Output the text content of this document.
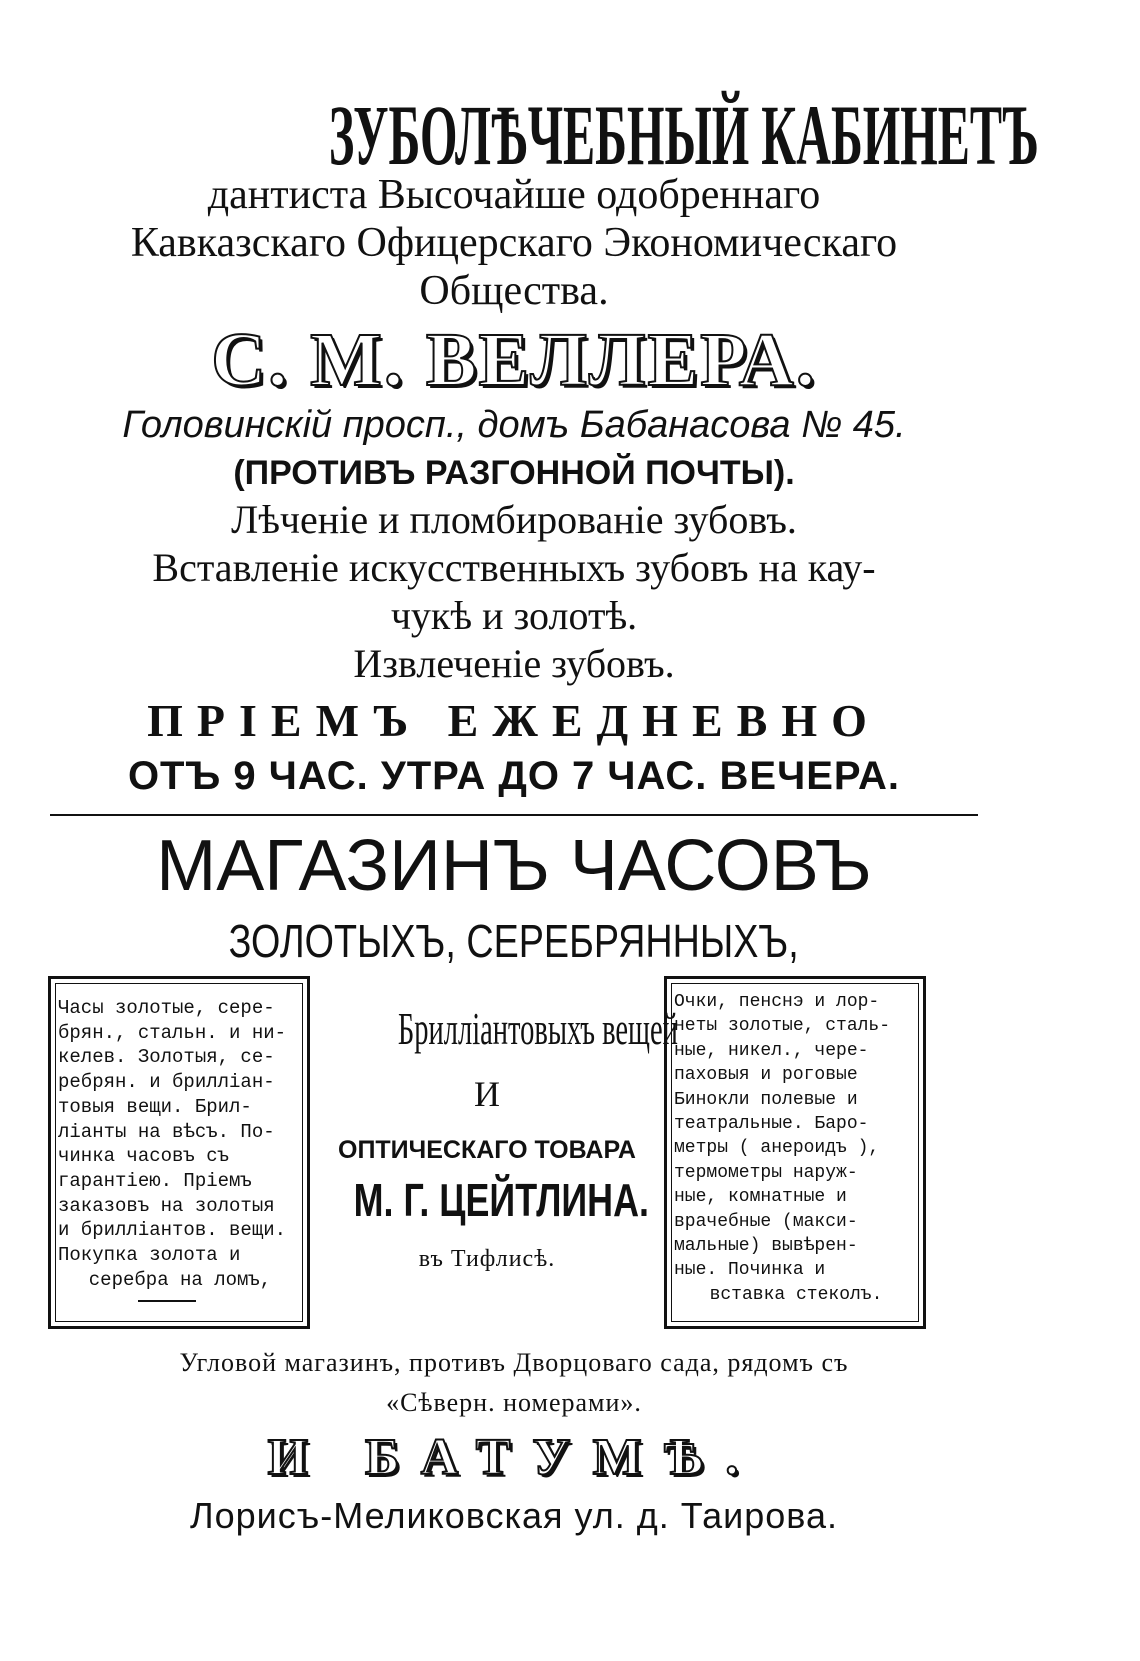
ЗУБОЛѢЧЕБНЫЙ КАБИНЕТЪ
дантиста Высочайше одобреннаго
Кавказскаго Офицерскаго Экономическаго
Общества.
С. М. ВЕЛЛЕРА.
Головинскій просп., домъ Бабанасова № 45.
(ПРОТИВЪ РАЗГОННОЙ ПОЧТЫ).
Лѣченіе и пломбированіе зубовъ.
Вставленіе искусственныхъ зубовъ на кау-
чукѣ и золотѣ.
Извлеченіе зубовъ.
ПРІЕМЪ ЕЖЕДНЕВНО
ОТЪ 9 ЧАС. УТРА ДО 7 ЧАС. ВЕЧЕРА.
МАГАЗИНЪ ЧАСОВЪ
ЗОЛОТЫХЪ, СЕРЕБРЯННЫХЪ,
Часы золотые, сере-
брян., стальн. и ни-
келев. Золотыя, се-
ребрян. и брилліан-
товыя вещи. Брил-
ліанты на вѣсъ. По-
чинка часовъ съ
гарантіею. Пріемъ
заказовъ на золотыя
и брилліантов. вещи.
Покупка золота и
серебра на ломъ,
Брилліантовыхъ вещей
И
ОПТИЧЕСКАГО ТОВАРА
М. Г. ЦЕЙТЛИНА.
въ Тифлисѣ.
Очки, пенснэ и лор-
неты золотые, сталь-
ные, никел., чере-
паховыя и роговые
Бинокли полевые и
театральные. Баро-
метры ( анероидъ ),
термометры наруж-
ные, комнатные и
врачебные (макси-
мальные) вывѣрен-
ные. Починка и
вставка стеколъ.
Угловой магазинъ, противъ Дворцоваго сада, рядомъ съ
«Сѣверн. номерами».
И БАТУМѢ.
Лорисъ-Меликовская ул. д. Таирова.
